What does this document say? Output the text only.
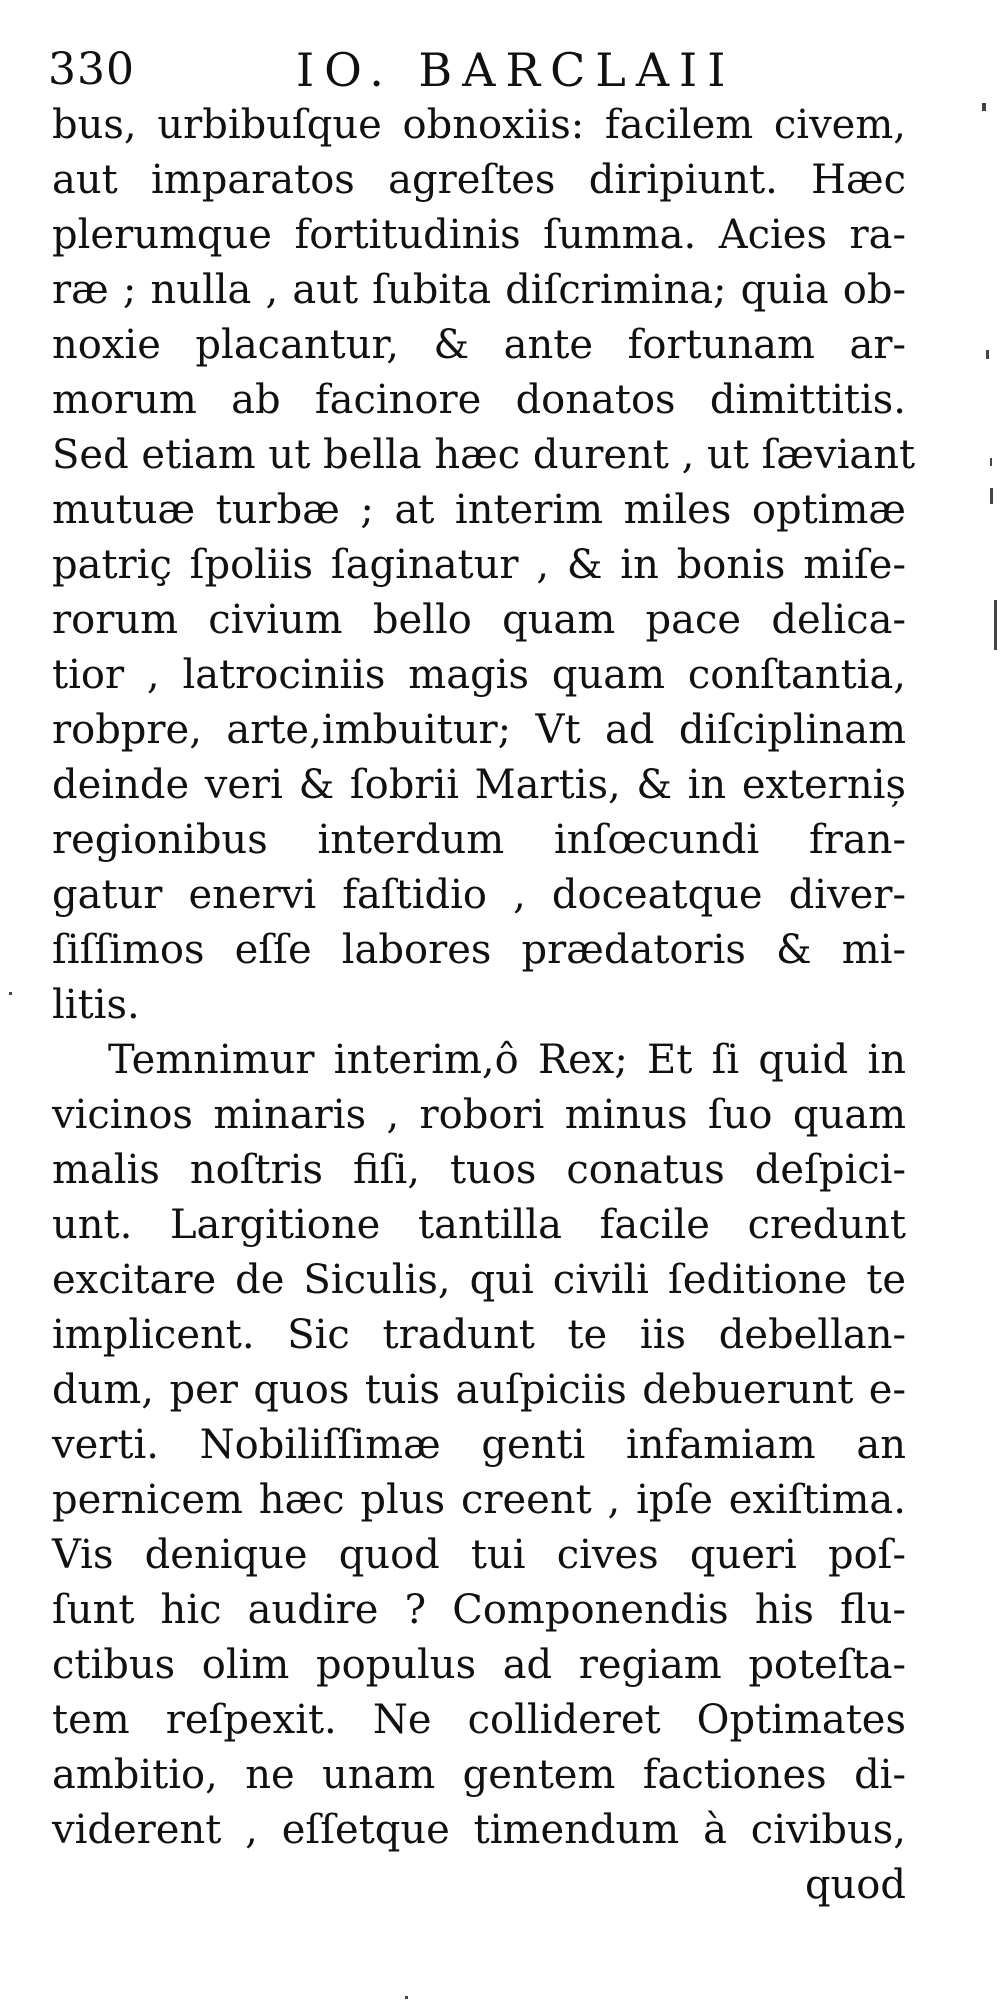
330	IO. BARCLAII
bus, urbibuſque obnoxiis: facilem civem,
aut imparatos agreſtes diripiunt. Hæc
plerumque fortitudinis ſumma. Acies ra-
ræ ; nulla , aut ſubita diſcrimina; quia ob-
noxie placantur, & ante fortunam ar-
morum ab facinore donatos dimittitis.
Sed etiam ut bella hæc durent , ut ſæviant
mutuæ turbæ ; at interim miles optimæ
patriç ſpoliis ſaginatur , & in bonis miſe-
rorum civium bello quam pace delica-
tior , latrociniis magis quam conſtantia,
robpre, arte,imbuitur; Vt ad diſciplinam
deinde veri & ſobrii Martis, & in externiș
regionibus interdum inſœcundi fran-
gatur enervi faſtidio , doceatque diver-
ſiſſimos eſſe labores prædatoris & mi-
litis.
Temnimur interim,ô Rex; Et ſi quid in
vicinos minaris , robori minus ſuo quam
malis noſtris fiſi, tuos conatus deſpici-
unt. Largitione tantilla facile credunt
excitare de Siculis, qui civili ſeditione te
implicent. Sic tradunt te iis debellan-
dum, per quos tuis auſpiciis debuerunt e-
verti. Nobiliſſimæ genti infamiam an
pernicem hæc plus creent , ipſe exiſtima.
Vis denique quod tui cives queri poſ-
ſunt hic audire ? Componendis his flu-
ctibus olim populus ad regiam poteſta-
tem reſpexit. Ne collideret Optimates
ambitio, ne unam gentem factiones di-
viderent , eſſetque timendum à civibus,
quod
